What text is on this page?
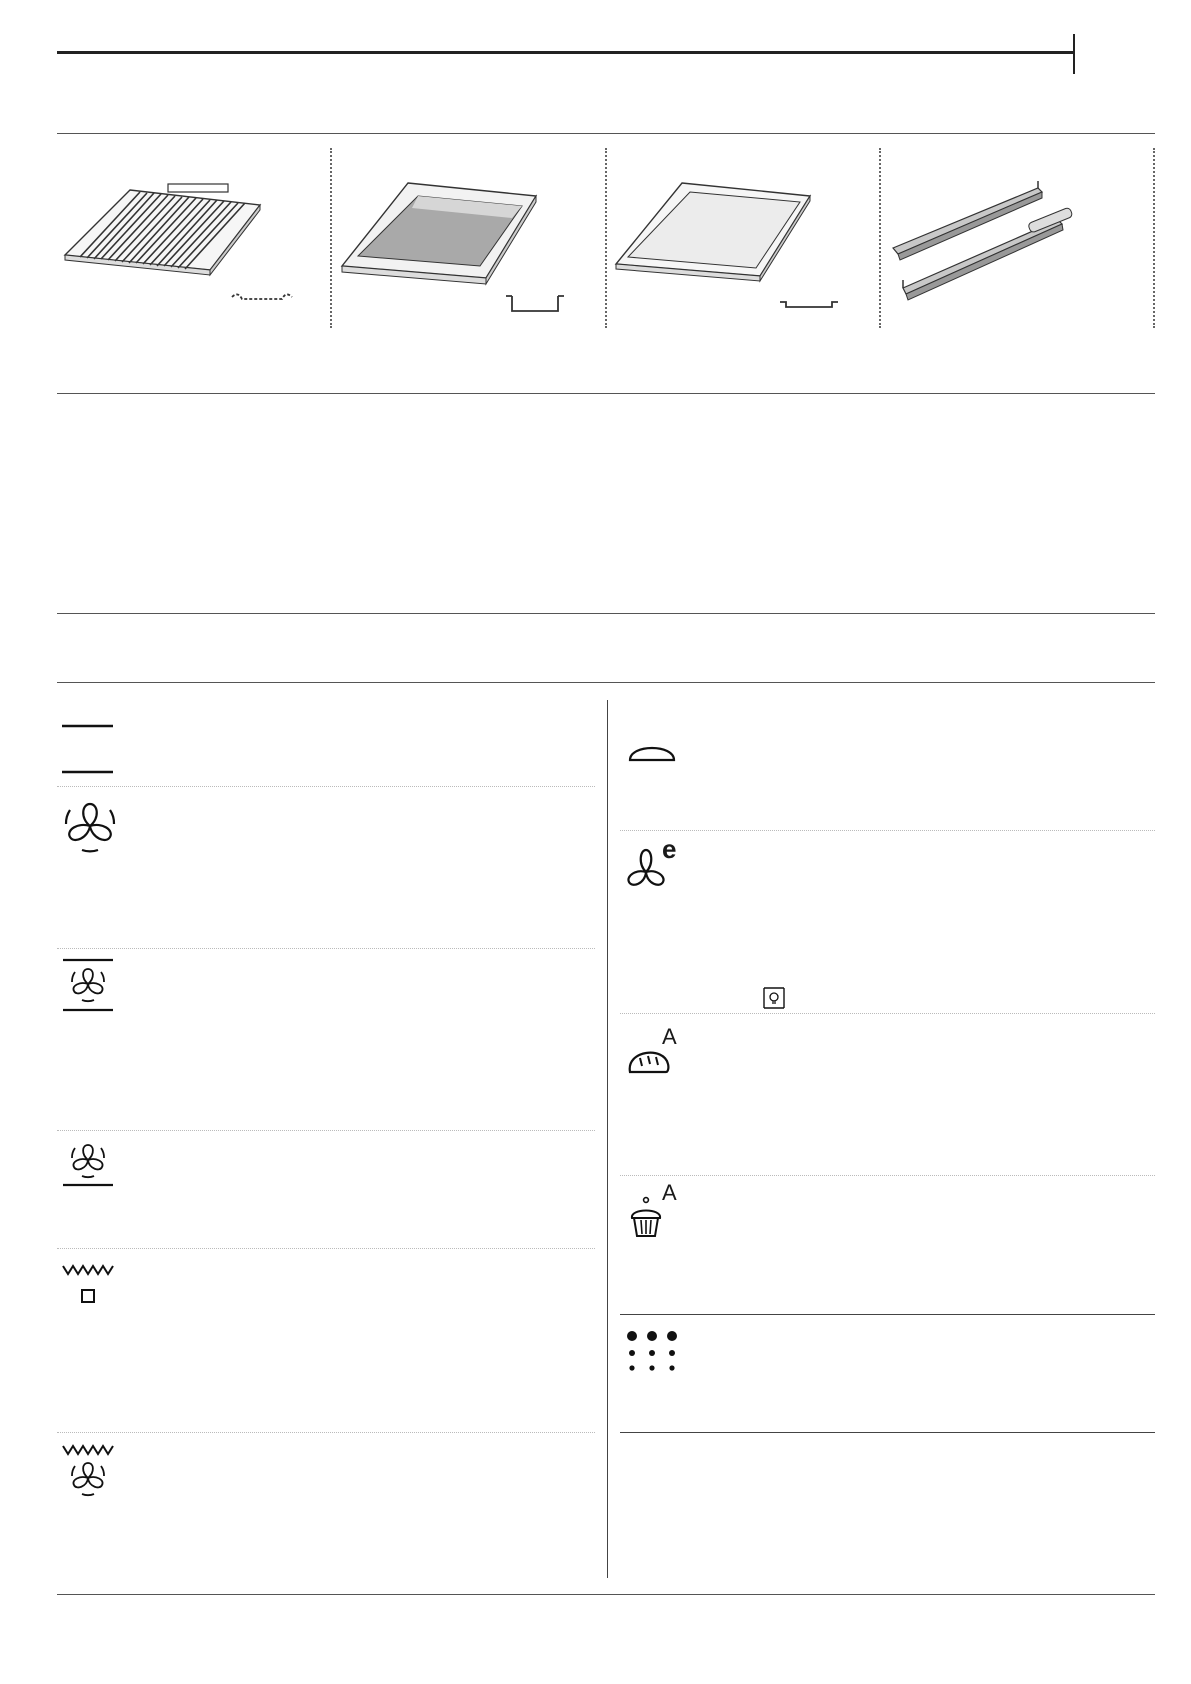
e
A
A
